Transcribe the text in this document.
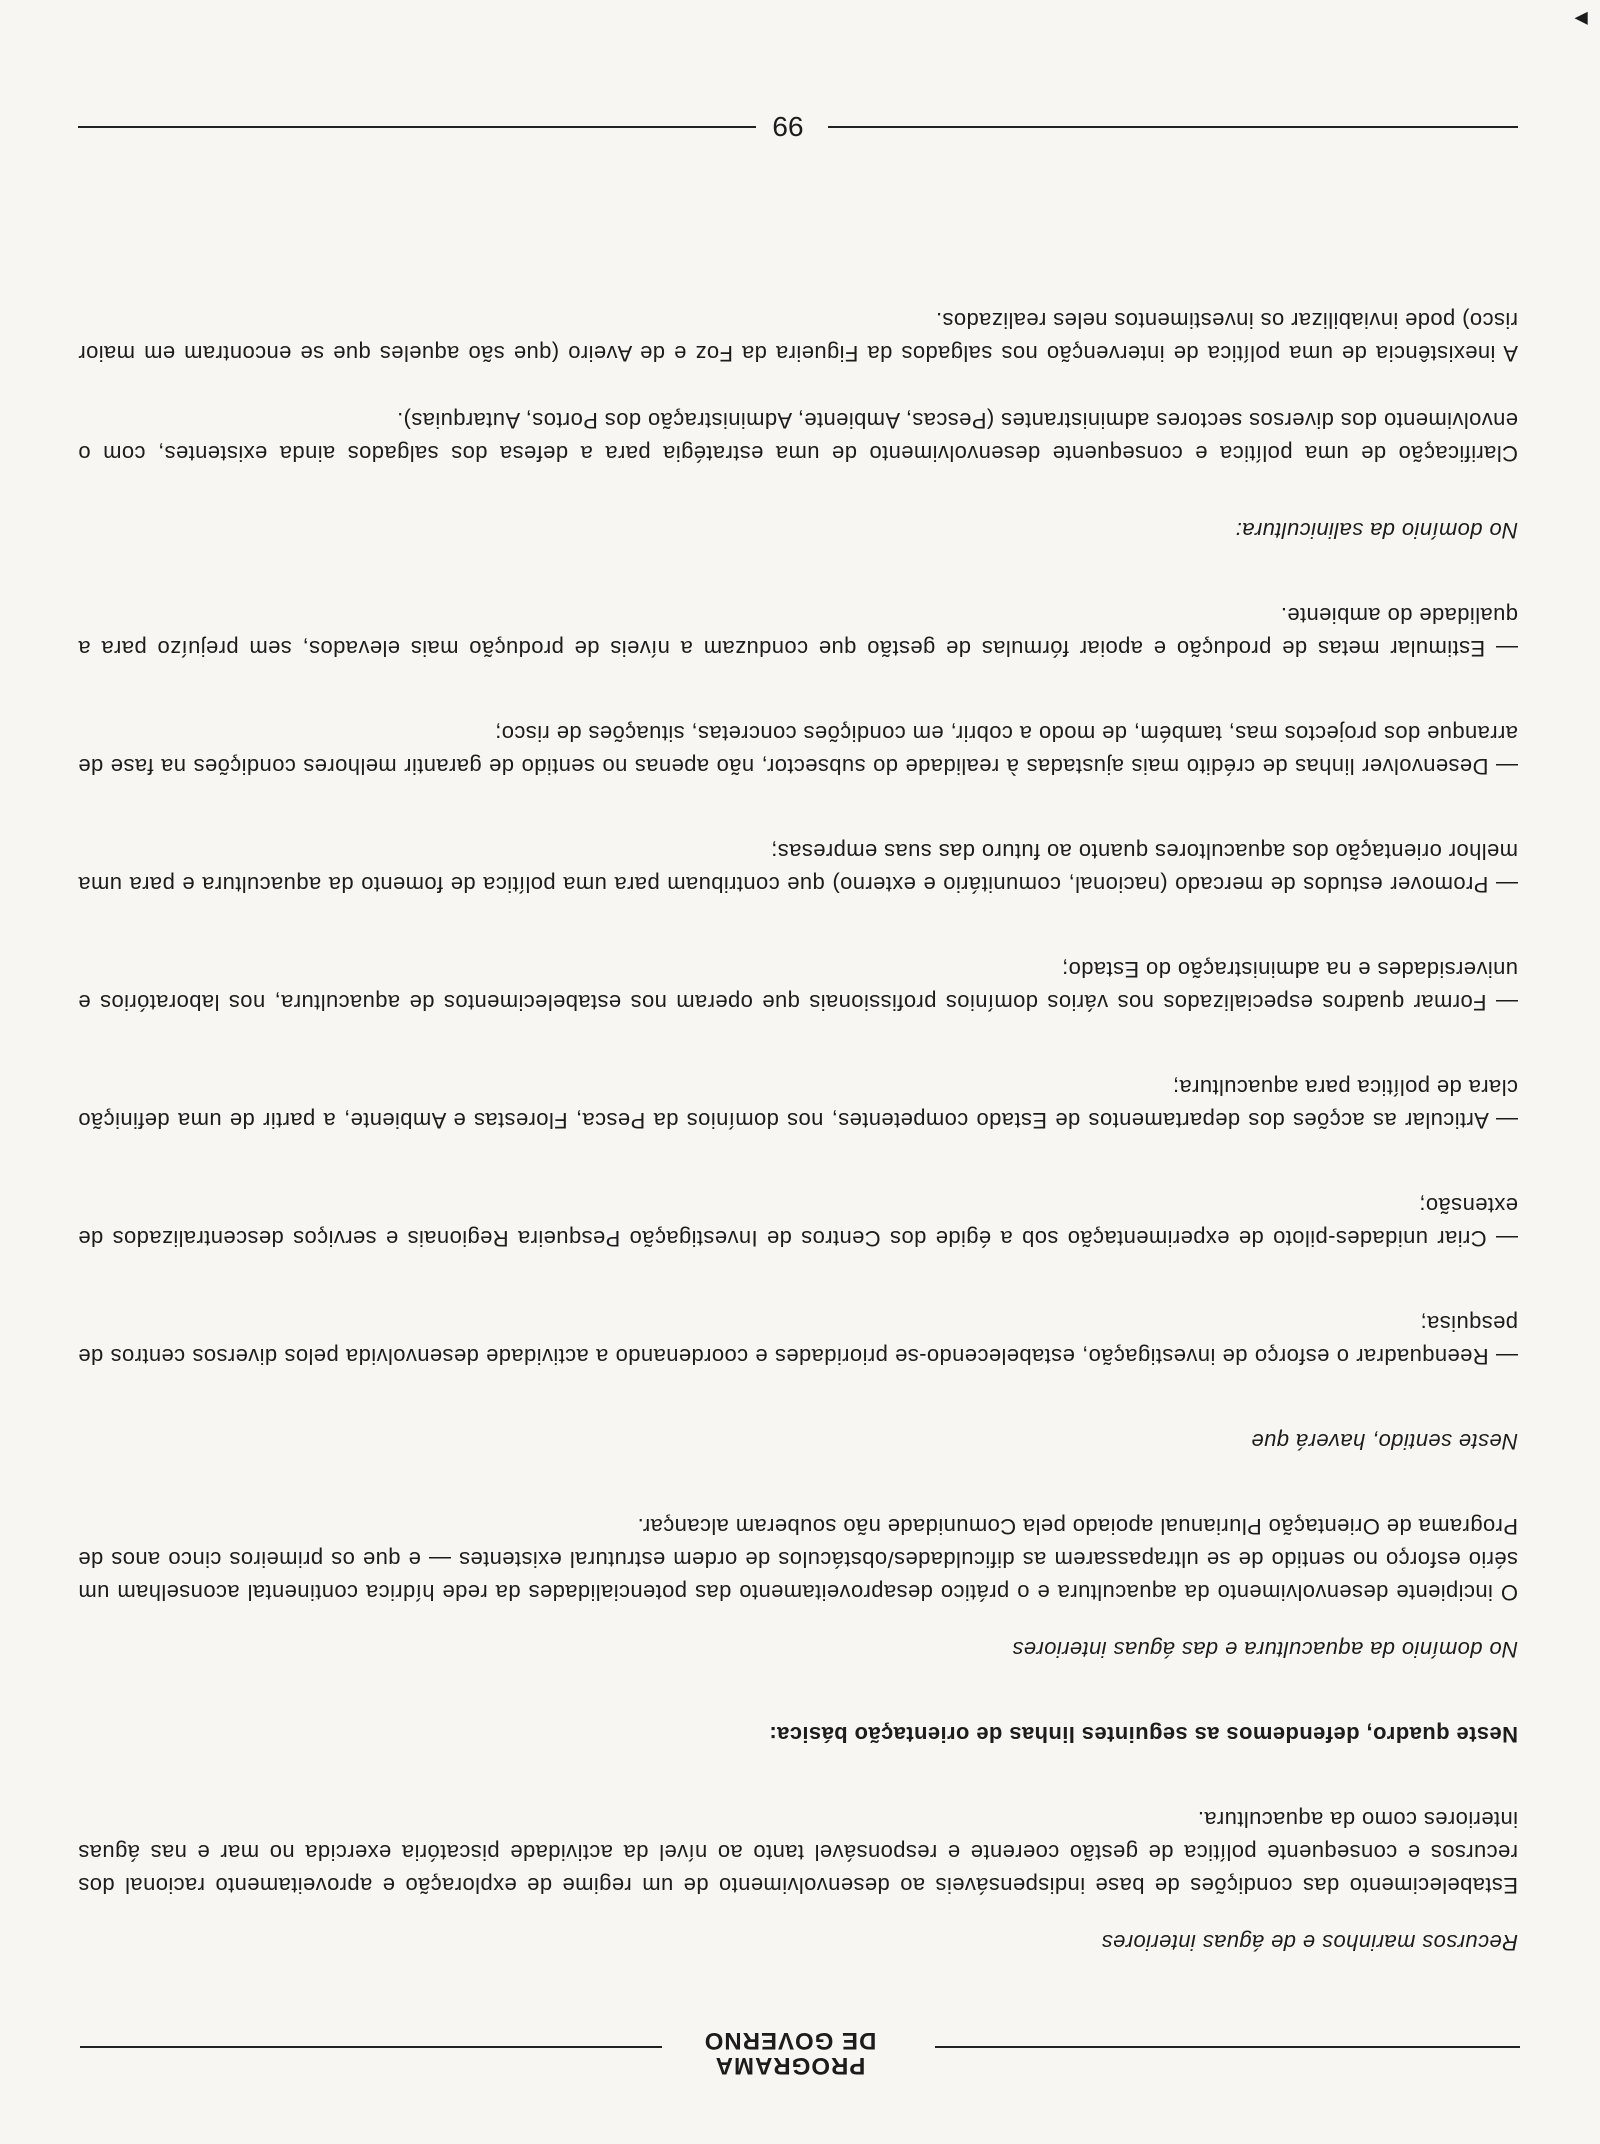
PROGRAMA
DE GOVERNO

Recursos marinhos e de águas interiores

Estabelecimento das condições de base indispensáveis ao desenvolvimento de um regime de exploração e aproveitamento racional dos recursos e consequente política de gestão coerente e responsável tanto ao nível da actividade piscatória exercida no mar e nas águas interiores como da aquacultura.

Neste quadro, defendemos as seguintes linhas de orientação básica:

No domínio da aquacultura e das águas interiores

O incipiente desenvolvimento da aquacultura e o prático desaproveitamento das potencialidades da rede hídrica continental aconselham um sério esforço no sentido de se ultrapassarem as dificuldades/obstáculos de ordem estrutural existentes — e que os primeiros cinco anos de Programa de Orientação Plurianual apoiado pela Comunidade não souberam alcançar.

Neste sentido, haverá que

— Reenquadrar o esforço de investigação, estabelecendo-se prioridades e coordenando a actividade desenvolvida pelos diversos centros de pesquisa;

— Criar unidades-piloto de experimentação sob a égide dos Centros de Investigação Pesqueira Regionais e serviços descentralizados de extensão;

— Articular as acções dos departamentos de Estado competentes, nos domínios da Pesca, Florestas e Ambiente, a partir de uma definição clara de política para aquacultura;

— Formar quadros especializados nos vários domínios profissionais que operam nos estabelecimentos de aquacultura, nos laboratórios e universidades e na administração do Estado;

— Promover estudos de mercado (nacional, comunitário e externo) que contribuam para uma política de fomento da aquacultura e para uma melhor orientação dos aquacultores quanto ao futuro das suas empresas;

— Desenvolver linhas de crédito mais ajustadas à realidade do subsector, não apenas no sentido de garantir melhores condições na fase de arranque dos projectos mas, também, de modo a cobrir, em condições concretas, situações de risco;

— Estimular metas de produção e apoiar fórmulas de gestão que conduzam a níveis de produção mais elevados, sem prejuízo para a qualidade do ambiente.

No domínio da salinicultura:

Clarificação de uma política e consequente desenvolvimento de uma estratégia para a defesa dos salgados ainda existentes, com o envolvimento dos diversos sectores administrantes (Pescas, Ambiente, Administração dos Portos, Autarquias).

A inexistência de uma política de intervenção nos salgados da Figueira da Foz e de Aveiro (que são aqueles que se encontram em maior risco) pode inviabilizar os investimentos neles realizados.

99
►
